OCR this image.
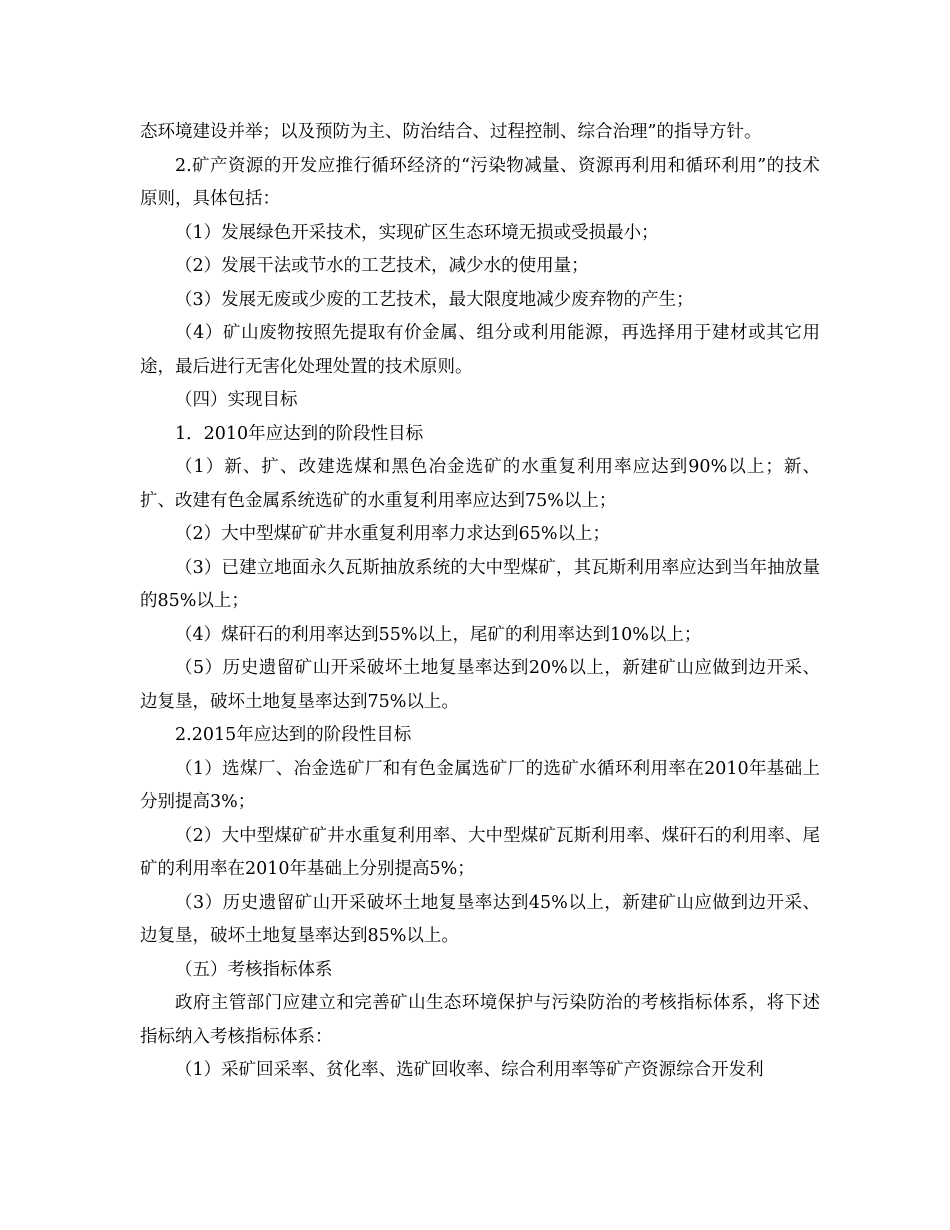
态环境建设并举；以及预防为主、防治结合、过程控制、综合治理”的指导方针。

2.矿产资源的开发应推行循环经济的“污染物减量、资源再利用和循环利用”的技术原则，具体包括：

（1）发展绿色开采技术，实现矿区生态环境无损或受损最小；

（2）发展干法或节水的工艺技术，减少水的使用量；

（3）发展无废或少废的工艺技术，最大限度地减少废弃物的产生；

（4）矿山废物按照先提取有价金属、组分或利用能源，再选择用于建材或其它用途，最后进行无害化处理处置的技术原则。

（四）实现目标

1．2010年应达到的阶段性目标

（1）新、扩、改建选煤和黑色冶金选矿的水重复利用率应达到90%以上；新、扩、改建有色金属系统选矿的水重复利用率应达到75%以上；

（2）大中型煤矿矿井水重复利用率力求达到65%以上；

（3）已建立地面永久瓦斯抽放系统的大中型煤矿，其瓦斯利用率应达到当年抽放量的85%以上；

（4）煤矸石的利用率达到55%以上，尾矿的利用率达到10%以上；

（5）历史遗留矿山开采破坏土地复垦率达到20%以上，新建矿山应做到边开采、边复垦，破坏土地复垦率达到75%以上。

2.2015年应达到的阶段性目标

（1）选煤厂、冶金选矿厂和有色金属选矿厂的选矿水循环利用率在2010年基础上分别提高3%；

（2）大中型煤矿矿井水重复利用率、大中型煤矿瓦斯利用率、煤矸石的利用率、尾矿的利用率在2010年基础上分别提高5%；

（3）历史遗留矿山开采破坏土地复垦率达到45%以上，新建矿山应做到边开采、边复垦，破坏土地复垦率达到85%以上。

（五）考核指标体系

政府主管部门应建立和完善矿山生态环境保护与污染防治的考核指标体系，将下述指标纳入考核指标体系：

（1）采矿回采率、贫化率、选矿回收率、综合利用率等矿产资源综合开发利
